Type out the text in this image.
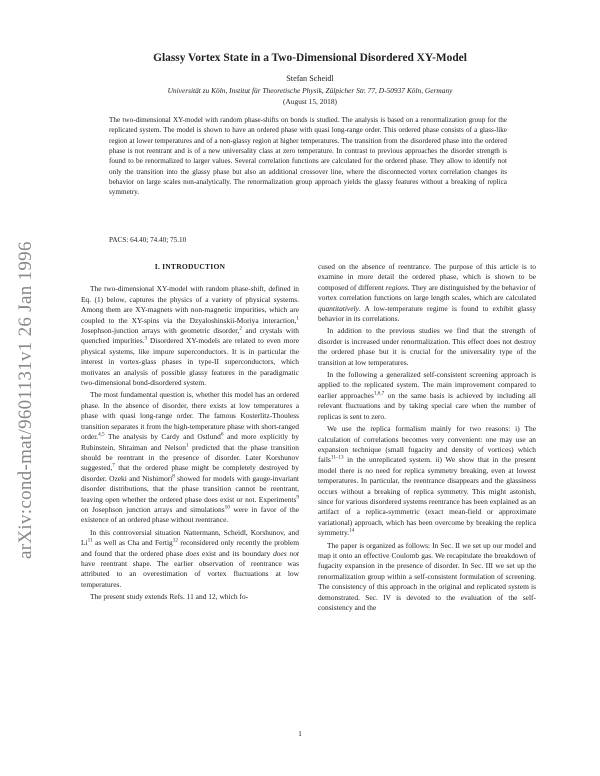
arXiv:cond-mat/9601131v1 26 Jan 1996
Glassy Vortex State in a Two-Dimensional Disordered XY-Model
Stefan Scheidl
Universität zu Köln, Institut für Theoretische Physik, Zülpicher Str. 77, D-50937 Köln, Germany
(August 15, 2018)
The two-dimensional XY-model with random phase-shifts on bonds is studied. The analysis is based on a renormalization group for the replicated system. The model is shown to have an ordered phase with quasi long-range order. This ordered phase consists of a glass-like region at lower temperatures and of a non-glassy region at higher temperatures. The transition from the disordered phase into the ordered phase is not reentrant and is of a new universality class at zero temperature. In contrast to previous approaches the disorder strength is found to be renormalized to larger values. Several correlation functions are calculated for the ordered phase. They allow to identify not only the transition into the glassy phase but also an additional crossover line, where the disconnected vortex correlation changes its behavior on large scales non-analytically. The renormalization group approach yields the glassy features without a breaking of replica symmetry.
PACS: 64.40; 74.40; 75.10
I. INTRODUCTION

The two-dimensional XY-model with random phase-shift, defined in Eq. (1) below, captures the physics of a variety of physical systems. Among them are XY-magnets with non-magnetic impurities, which are coupled to the XY-spins via the Dzyaloshinskii-Moriya interaction,$^1$ Josephson-junction arrays with geometric disorder,$^2$ and crystals with quenched impurities.$^3$ Disordered XY-models are related to even more physical systems, like impure superconductors. It is in particular the interest in vortex-glass phases in type-II superconductors, which motivates an analysis of possible glassy features in the paradigmatic two-dimensional bond-disordered system.

The most fundamental question is, whether this model has an ordered phase. In the absence of disorder, there exists at low temperatures a phase with quasi long-range order. The famous Kosterlitz-Thouless transition separates it from the high-temperature phase with short-ranged order.$^{4,5}$ The analysis by Cardy and Ostlund$^6$ and more explicitly by Rubinstein, Shraiman and Nelson$^1$ predicted that the phase transition should be reentrant in the presence of disorder. Later Korshunov suggested,$^7$ that the ordered phase might be completely destroyed by disorder. Ozeki and Nishimori$^8$ showed for models with gauge-invariant disorder distributions, that the phase transition cannot be reentrant, leaving open whether the ordered phase does exist or not. Experiments$^9$ on Josephson junction arrays and simulations$^{10}$ were in favor of the existence of an ordered phase without reentrance.

In this controversial situation Nattermann, Scheidl, Korshunov, and Li$^{11}$ as well as Cha and Fertig$^{12}$ reconsidered only recently the problem and found that the ordered phase does exist and its boundary does not have reentrant shape. The earlier observation of reentrance was attributed to an overestimation of vortex fluctuations at low temperatures.

The present study extends Refs. 11 and 12, which fo-

cused on the absence of reentrance. The purpose of this article is to examine in more detail the ordered phase, which is shown to be composed of different regions. They are distinguished by the behavior of vortex correlation functions on large length scales, which are calculated quantitatively. A low-temperature regime is found to exhibit glassy behavior in its correlations.

In addition to the previous studies we find that the strength of disorder is increased under renormalization. This effect does not destroy the ordered phase but it is crucial for the universality type of the transition at low temperatures.

In the following a generalized self-consistent screening approach is applied to the replicated system. The main improvement compared to earlier approaches$^{1,6,7}$ on the same basis is achieved by including all relevant fluctuations and by taking special care when the number of replicas is sent to zero.

We use the replica formalism mainly for two reasons: i) The calculation of correlations becomes very convenient: one may use an expansion technique (small fugacity and density of vortices) which fails$^{11-13}$ in the unreplicated system. ii) We show that in the present model there is no need for replica symmetry breaking, even at lowest temperatures. In particular, the reentrance disappears and the glassiness occurs without a breaking of replica symmetry. This might astonish, since for various disordered systems reentrance has been explained as an artifact of a replica-symmetric (exact mean-field or approximate variational) approach, which has been overcome by breaking the replica symmetry.$^{14}$

The paper is organized as follows: In Sec. II we set up our model and map it onto an effective Coulomb gas. We recapitulate the breakdown of fugacity expansion in the presence of disorder. In Sec. III we set up the renormalization group within a self-consistent formulation of screening. The consistency of this approach in the original and replicated system is demonstrated. Sec. IV is devoted to the evaluation of the self-consistency and the

1
